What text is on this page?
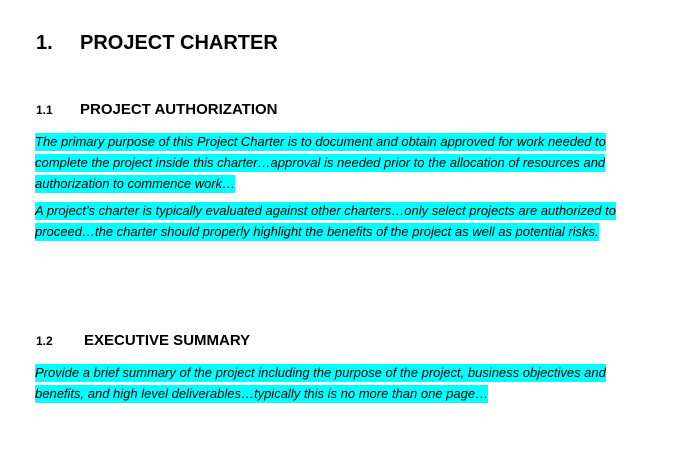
1. PROJECT CHARTER
1.1 PROJECT AUTHORIZATION

The primary purpose of this Project Charter is to document and obtain approved for work needed to complete the project inside this charter…approval is needed prior to the allocation of resources and authorization to commence work…

A project’s charter is typically evaluated against other charters…only select projects are authorized to proceed…the charter should properly highlight the benefits of the project as well as potential risks.

1.2 EXECUTIVE SUMMARY

Provide a brief summary of the project including the purpose of the project, business objectives and benefits, and high level deliverables…typically this is no more than one page…
